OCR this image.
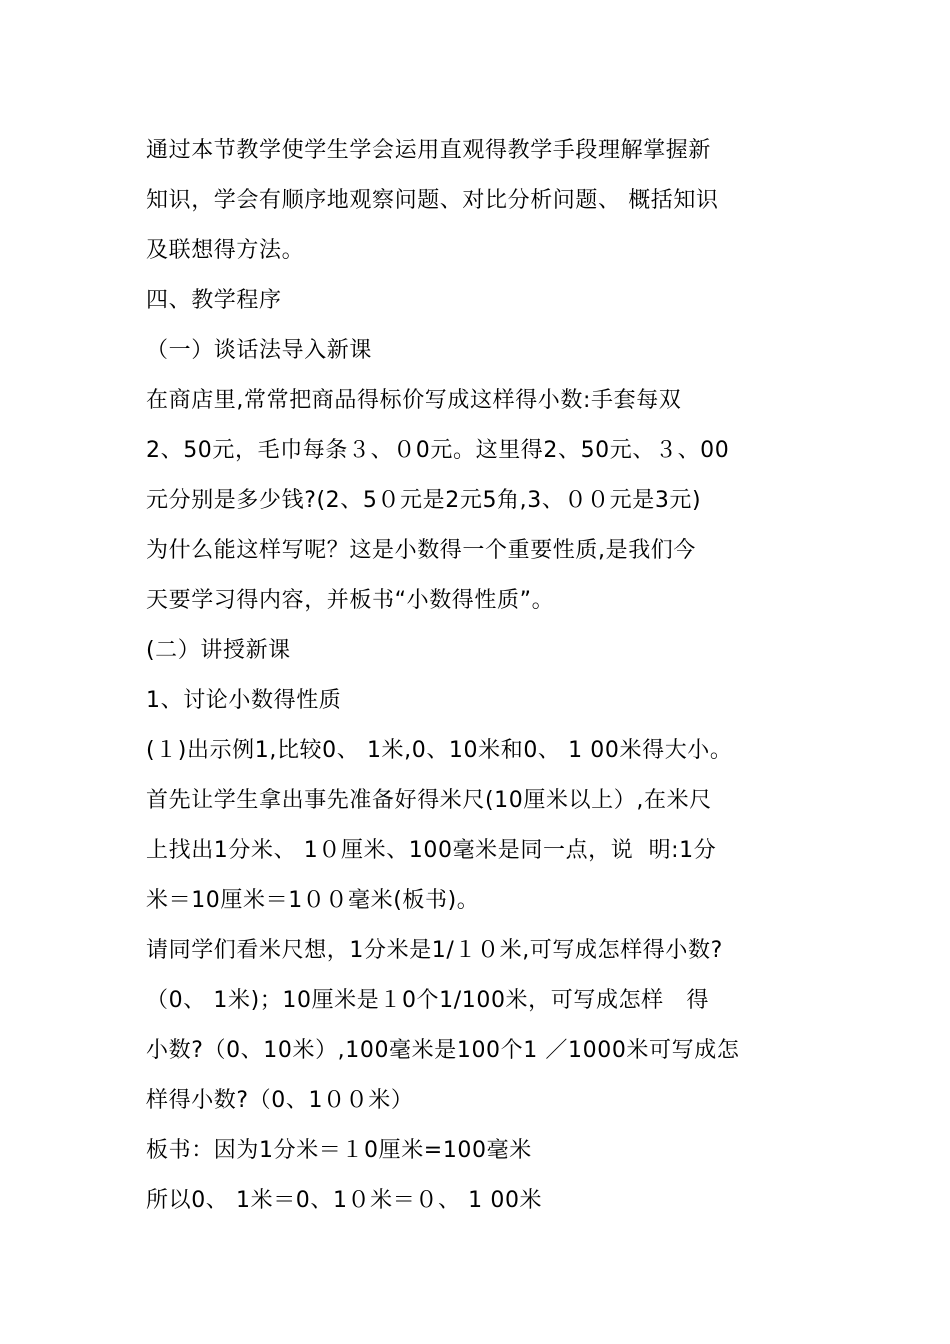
通过本节教学使学生学会运用直观得教学手段理解掌握新
知识，学会有顺序地观察问题、对比分析问题、 概括知识
及联想得方法。
四、教学程序
（一）谈话法导入新课
在商店里,常常把商品得标价写成这样得小数:手套每双
2、50元，毛巾每条３、０0元。这里得2、50元、３、00
元分别是多少钱?(2、5０元是2元5角,3、００元是3元)
为什么能这样写呢？这是小数得一个重要性质,是我们今
天要学习得内容，并板书“小数得性质”。
(二）讲授新课
1、讨论小数得性质
(１)出示例1,比较0、 1米,0、10米和0、 1 00米得大小。
首先让学生拿出事先准备好得米尺(10厘米以上）,在米尺
上找出1分米、 1０厘米、100毫米是同一点，说  明:1分
米＝10厘米＝1００毫米(板书)。
请同学们看米尺想，1分米是1/１０米,可写成怎样得小数?
（0、 1米)；10厘米是１0个1/100米，可写成怎样   得
小数?（0、10米）,100毫米是100个1 ／1000米可写成怎
样得小数?（0、1００米）
板书：因为1分米＝１0厘米=100毫米
所以0、 1米＝0、1０米＝０、 1 00米
